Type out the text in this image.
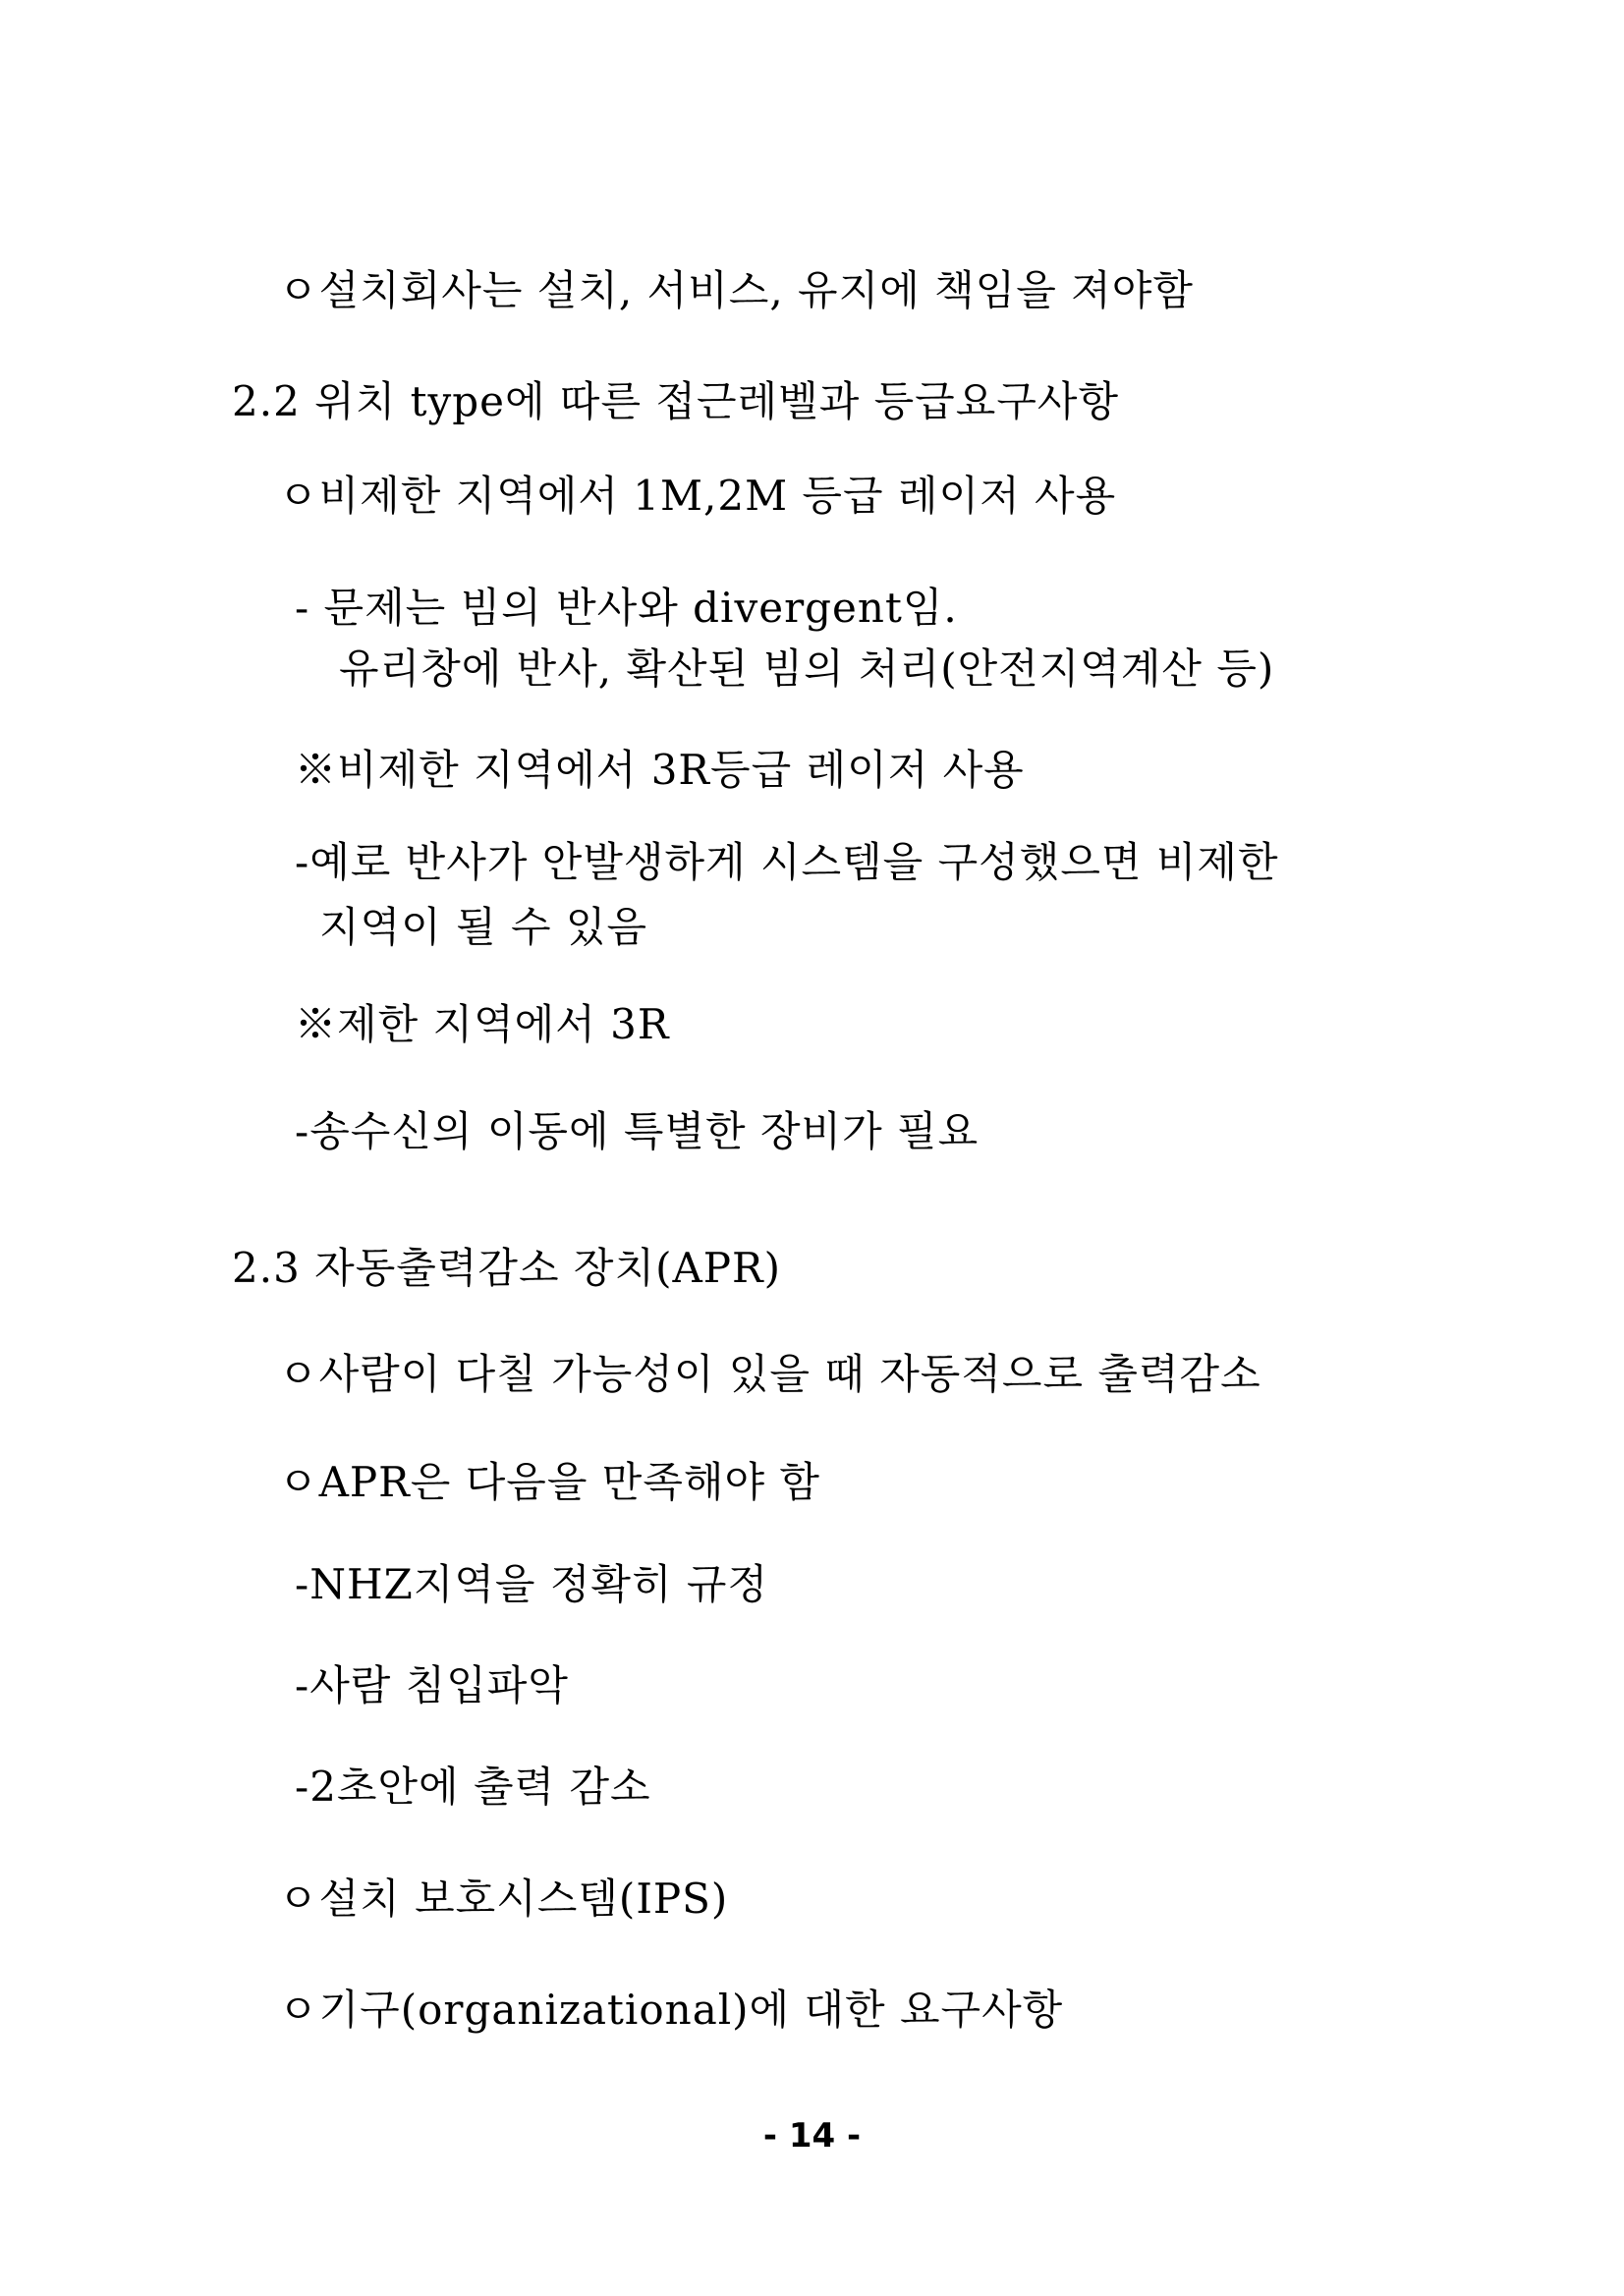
ㅇ설치회사는 설치, 서비스, 유지에 책임을 져야함
2.2 위치 type에 따른 접근레벨과 등급요구사항
ㅇ비제한 지역에서 1M,2M 등급 레이저 사용
- 문제는 빔의 반사와 divergent임.
유리창에 반사, 확산된 빔의 처리(안전지역계산 등)
※비제한 지역에서 3R등급 레이저 사용
-예로 반사가 안발생하게 시스템을 구성했으면 비제한
지역이 될 수 있음
※제한 지역에서 3R
-송수신의 이동에 특별한 장비가 필요
2.3 자동출력감소 장치(APR)
ㅇ사람이 다칠 가능성이 있을 때 자동적으로 출력감소
ㅇAPR은 다음을 만족해야 함
-NHZ지역을 정확히 규정
-사람 침입파악
-2초안에 출력 감소
ㅇ설치 보호시스템(IPS)
ㅇ기구(organizational)에 대한 요구사항
- 14 -
